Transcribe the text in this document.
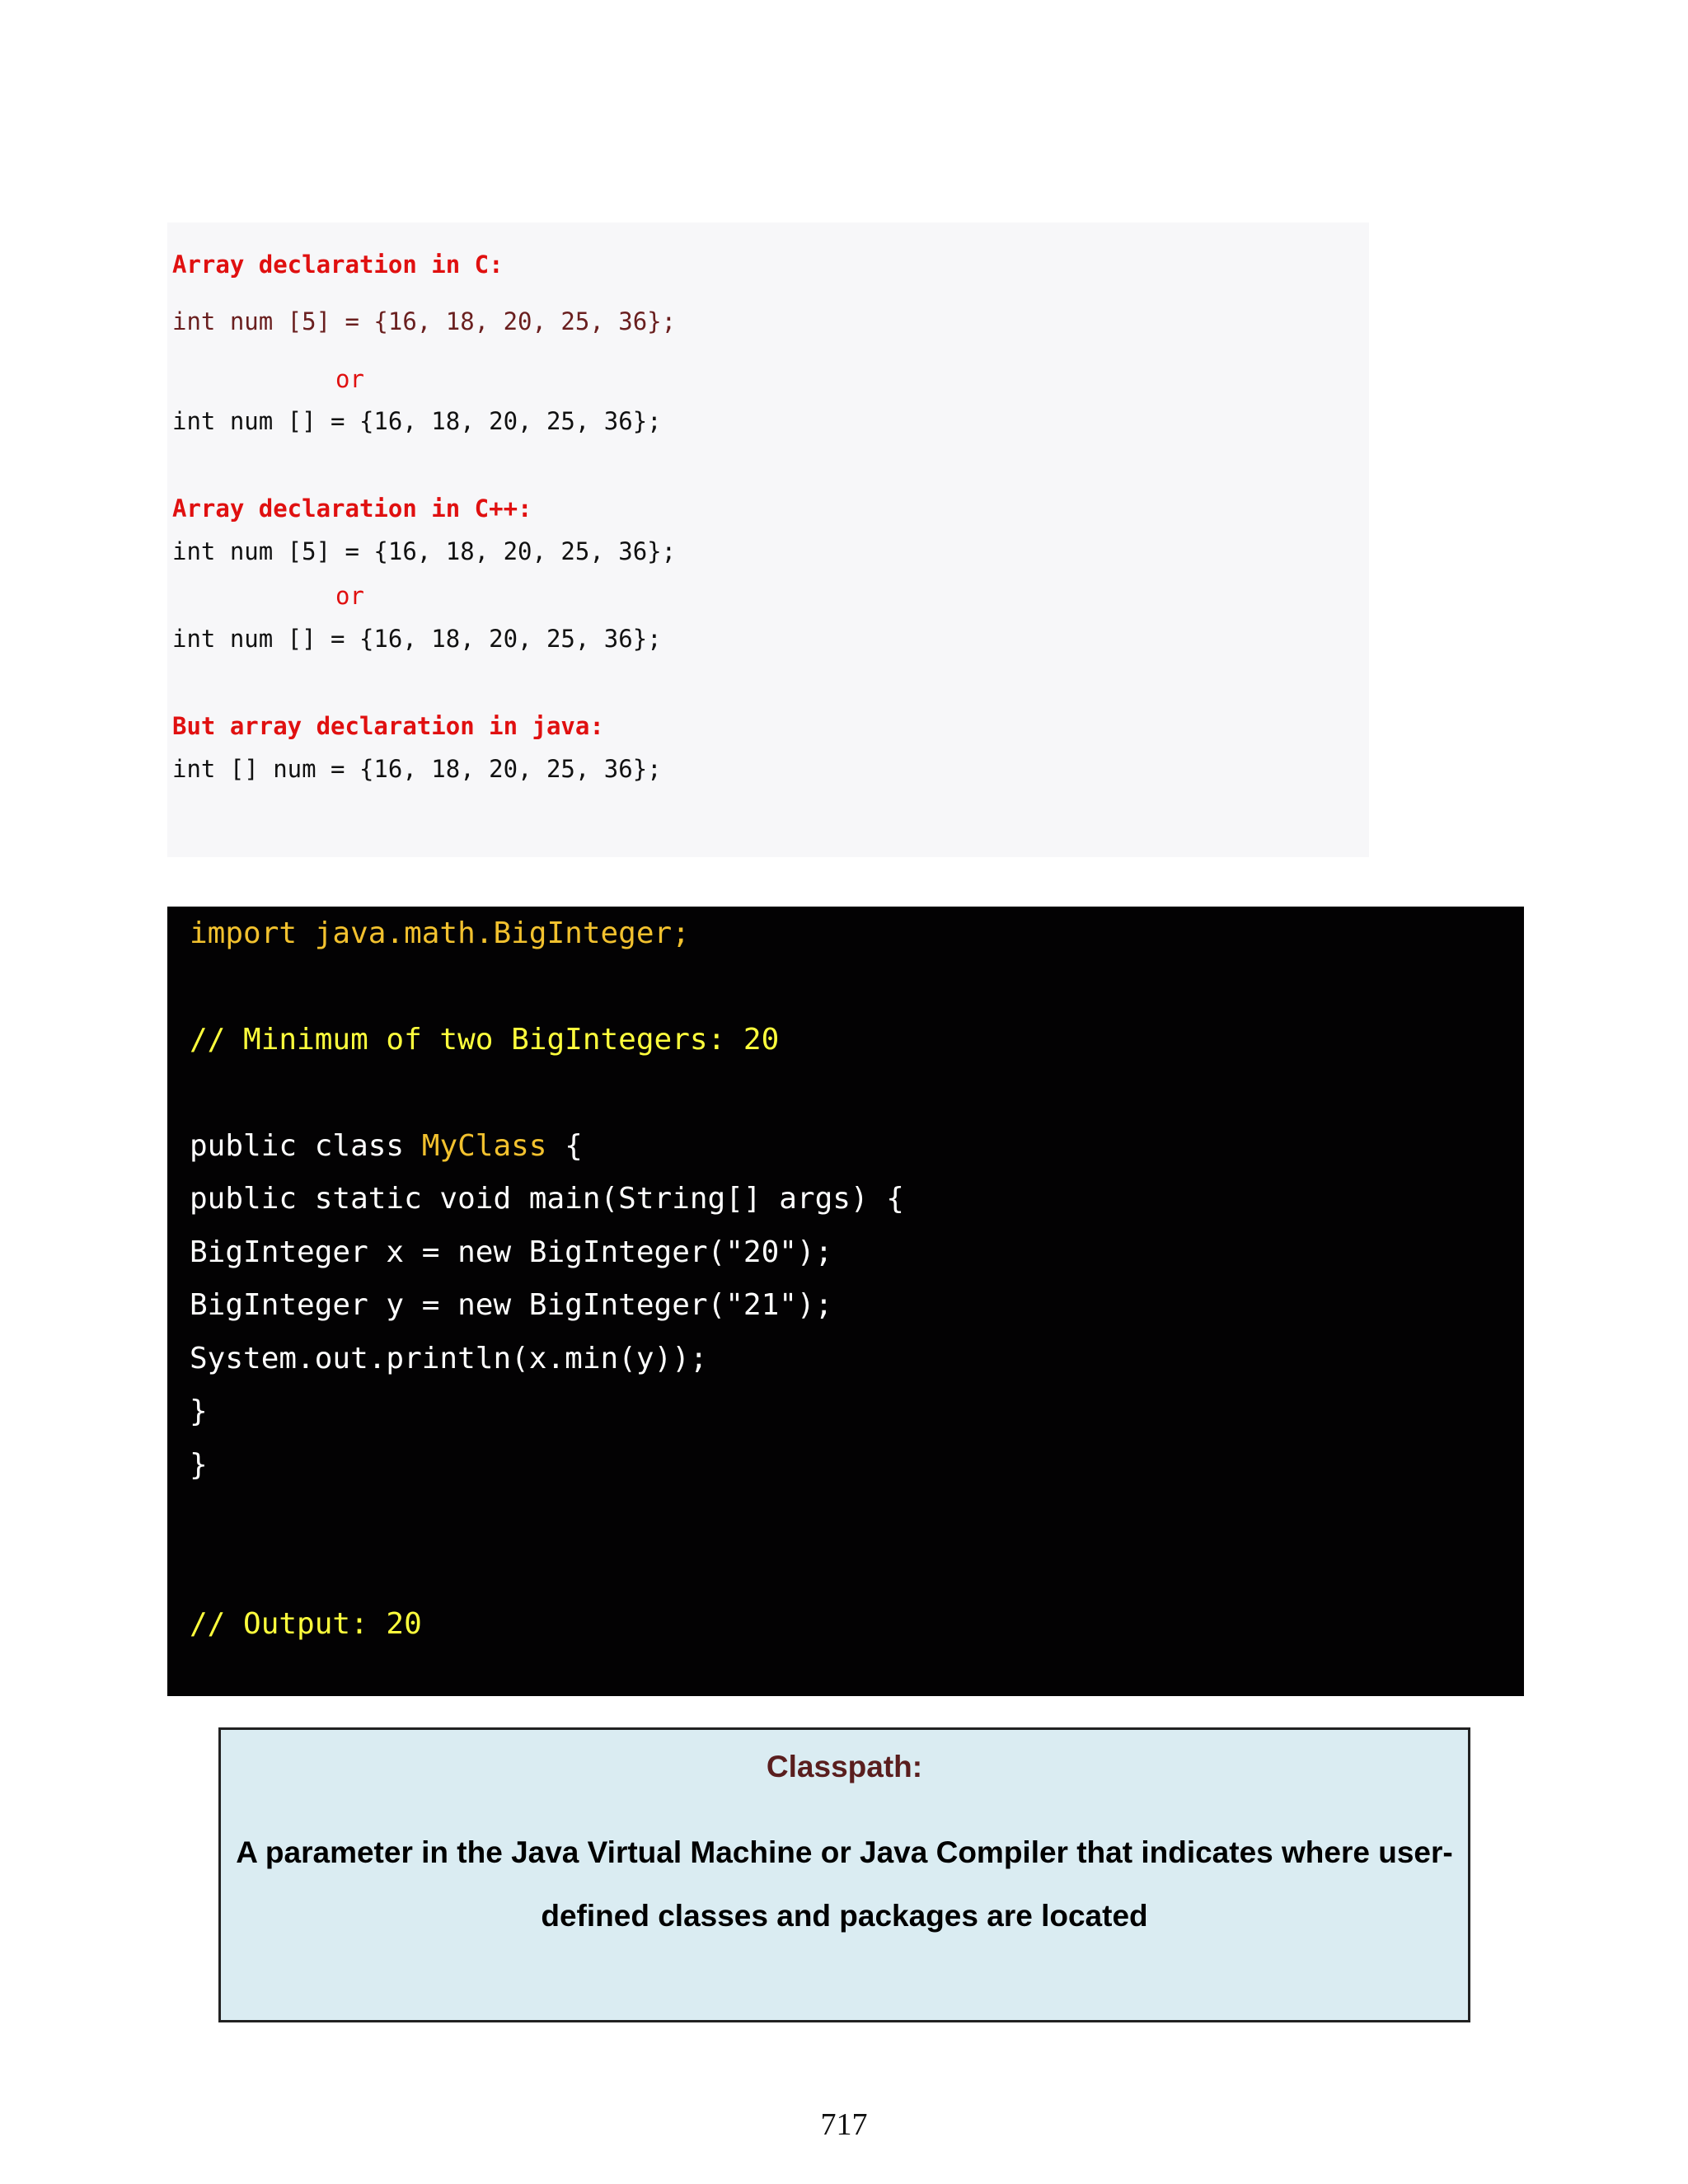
Array declaration in C:
int num [5] = {16, 18, 20, 25, 36};
or
int num [] = {16, 18, 20, 25, 36};
Array declaration in C++:
int num [5] = {16, 18, 20, 25, 36};
or
int num [] = {16, 18, 20, 25, 36};
But array declaration in java:
int [] num = {16, 18, 20, 25, 36};
import java.math.BigInteger;
// Minimum of two BigIntegers: 20
public class MyClass {
public static void main(String[] args) {
BigInteger x = new BigInteger("20");
BigInteger y = new BigInteger("21");
System.out.println(x.min(y));
}
}
// Output: 20
Classpath:
A parameter in the Java Virtual Machine or Java Compiler that indicates where user-defined classes and packages are located
717
